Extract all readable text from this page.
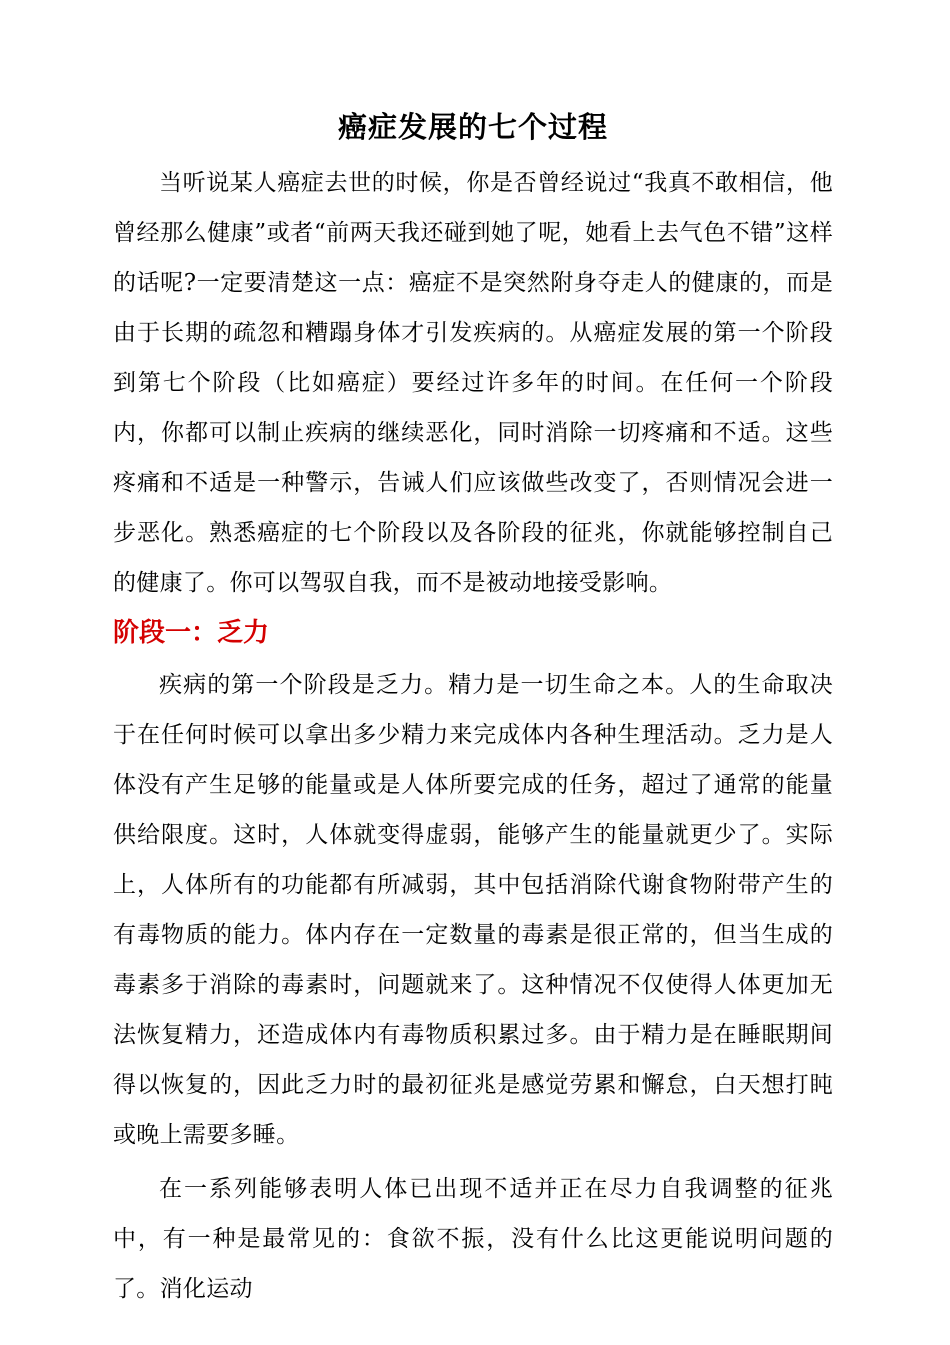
癌症发展的七个过程

当听说某人癌症去世的时候，你是否曾经说过“我真不敢相信，他曾经那么健康”或者“前两天我还碰到她了呢，她看上去气色不错”这样的话呢?一定要清楚这一点：癌症不是突然附身夺走人的健康的，而是由于长期的疏忽和糟蹋身体才引发疾病的。从癌症发展的第一个阶段到第七个阶段（比如癌症）要经过许多年的时间。在任何一个阶段内，你都可以制止疾病的继续恶化，同时消除一切疼痛和不适。这些疼痛和不适是一种警示，告诫人们应该做些改变了，否则情况会进一步恶化。熟悉癌症的七个阶段以及各阶段的征兆，你就能够控制自己的健康了。你可以驾驭自我，而不是被动地接受影响。

阶段一：乏力

疾病的第一个阶段是乏力。精力是一切生命之本。人的生命取决于在任何时候可以拿出多少精力来完成体内各种生理活动。乏力是人体没有产生足够的能量或是人体所要完成的任务，超过了通常的能量供给限度。这时，人体就变得虚弱，能够产生的能量就更少了。实际上，人体所有的功能都有所减弱，其中包括消除代谢食物附带产生的有毒物质的能力。体内存在一定数量的毒素是很正常的，但当生成的毒素多于消除的毒素时，问题就来了。这种情况不仅使得人体更加无法恢复精力，还造成体内有毒物质积累过多。由于精力是在睡眠期间得以恢复的，因此乏力时的最初征兆是感觉劳累和懈怠，白天想打盹或晚上需要多睡。

在一系列能够表明人体已出现不适并正在尽力自我调整的征兆中，有一种是最常见的：食欲不振，没有什么比这更能说明问题的了。消化运动
